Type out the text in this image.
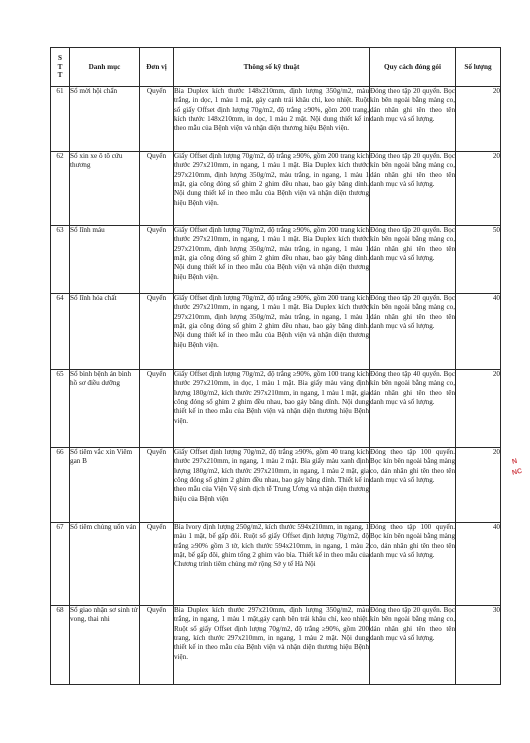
S
T
T	Danh mục	Đơn vị	Thông số kỹ thuật	Quy cách đóng gói	Số lượng
61	Sổ mời hội chẩn	Quyển	Bìa Duplex kích thước 148x210mm, định lượng 350g/m2, màu trắng, in dọc, 1 màu 1 mặt, gáy cạnh trái khâu chỉ, keo nhiệt. Ruột sổ giấy Offset định lượng 70g/m2, độ trắng ≥90%, gồm 200 trang, kích thước 148x210mm, in dọc, 1 màu 2 mặt. Nội dung thiết kế in theo mẫu của Bệnh viện và nhận diện thương hiệu Bệnh viện.	Đóng theo tập 20 quyển. Bọc kín bên ngoài bằng màng co, dán nhãn ghi tên theo tên danh mục và số lượng.	20
62	Sổ xin xe ô tô cứu thương	Quyển	Giấy Offset định lượng 70g/m2, độ trắng ≥90%, gồm 200 trang kích thước 297x210mm, in ngang, 1 màu 1 mặt. Bìa Duplex kích thước 297x210mm, định lượng 350g/m2, màu trắng, in ngang, 1 màu 1 mặt, gia công đóng sổ ghim 2 ghim đều nhau, bao gáy băng dính. Nội dung thiết kế in theo mẫu của Bệnh viện và nhận diện thương hiệu Bệnh viện.	Đóng theo tập 20 quyển. Bọc kín bên ngoài bằng màng co, dán nhãn ghi tên theo tên danh mục và số lượng.	20
63	Sổ lĩnh máu	Quyển	Giấy Offset định lượng 70g/m2, độ trắng ≥90%, gồm 200 trang kích thước 297x210mm, in ngang, 1 màu 1 mặt. Bìa Duplex kích thước 297x210mm, định lượng 350g/m2, màu trắng, in ngang, 1 màu 1 mặt, gia công đóng sổ ghim 2 ghim đều nhau, bao gáy băng dính. Nội dung thiết kế in theo mẫu của Bệnh viện và nhận diện thương hiệu Bệnh viện.	Đóng theo tập 20 quyển. Bọc kín bên ngoài bằng màng co, dán nhãn ghi tên theo tên danh mục và số lượng.	50
64	Sổ lĩnh hóa chất	Quyển	Giấy Offset định lượng 70g/m2, độ trắng ≥90%, gồm 200 trang kích thước 297x210mm, in ngang, 1 màu 1 mặt. Bìa Duplex kích thước 297x210mm, định lượng 350g/m2, màu trắng, in ngang, 1 màu 1 mặt, gia công đóng sổ ghim 2 ghim đều nhau, bao gáy băng dính. Nội dung thiết kế in theo mẫu của Bệnh viện và nhận diện thương hiệu Bệnh viện.	Đóng theo tập 20 quyển. Bọc kín bên ngoài bằng màng co, dán nhãn ghi tên theo tên danh mục và số lượng.	40
65	Sổ bình bệnh án bình hồ sơ điều dưỡng	Quyển	Giấy Offset định lượng 70g/m2, độ trắng ≥90%, gồm 100 trang kích thước 297x210mm, in dọc, 1 màu 1 mặt. Bìa giấy màu vàng định lượng 180g/m2, kích thước 297x210mm, in ngang, 1 màu 1 mặt, gia công đóng sổ ghim 2 ghim đều nhau, bao gáy băng dính. Nội dung thiết kế in theo mẫu của Bệnh viện và nhận diện thương hiệu Bệnh viện.	Đóng theo tập 40 quyển. Bọc kín bên ngoài bằng màng co, dán nhãn ghi tên theo tên danh mục và số lượng.	20
66	Sổ tiêm vắc xin Viêm gan B	Quyển	Giấy Offset định lượng 70g/m2, độ trắng ≥90%, gồm 40 trang kích thước 297x210mm, in ngang, 1 màu 2 mặt. Bìa giấy màu xanh định lượng 180g/m2, kích thước 297x210mm, in ngang, 1 màu 2 mặt, gia công đóng sổ ghim 2 ghim đều nhau, bao gáy băng dính. Thiết kế in theo mẫu của Viện Vệ sinh dịch tễ Trung Ương và nhận diện thương hiệu của Bệnh viện	Đóng theo tập 100 quyển. Bọc kín bên ngoài bằng màng co, dán nhãn ghi tên theo tên danh mục và số lượng.	20
67	Sổ tiêm chủng uốn ván	Quyển	Bìa Ivory định lượng 250g/m2, kích thước 594x210mm, in ngang, 1 màu 1 mặt, bế gấp đôi. Ruột sổ giấy Offset định lượng 70g/m2, độ trắng ≥90% gồm 3 tờ, kích thước 594x210mm, in ngang, 1 màu 2 mặt, bế gấp đôi, ghim tổng 2 ghim vào bìa. Thiết kế in theo mẫu của Chương trình tiêm chủng mở rộng Sở y tế Hà Nội	Đóng theo tập 100 quyển. Bọc kín bên ngoài bằng màng co, dán nhãn ghi tên theo tên danh mục và số lượng.	40
68	Sổ giao nhận sơ sinh tử vong, thai nhi	Quyển	Bìa Duplex kích thước 297x210mm, định lượng 350g/m2, màu trắng, in ngang, 1 màu 1 mặt,gáy cạnh bên trái khâu chỉ, keo nhiệt. Ruột sổ giấy Offset định lượng 70g/m2, độ trắng ≥90%, gồm 200 trang, kích thước 297x210mm, in ngang, 1 màu 2 mặt. Nội dung thiết kế in theo mẫu của Bệnh viện và nhận diện thương hiệu Bệnh viện.	Đóng theo tập 20 quyển. Bọc kín bên ngoài bằng màng co, dán nhãn ghi tên theo tên danh mục và số lượng.	30
N
NC
